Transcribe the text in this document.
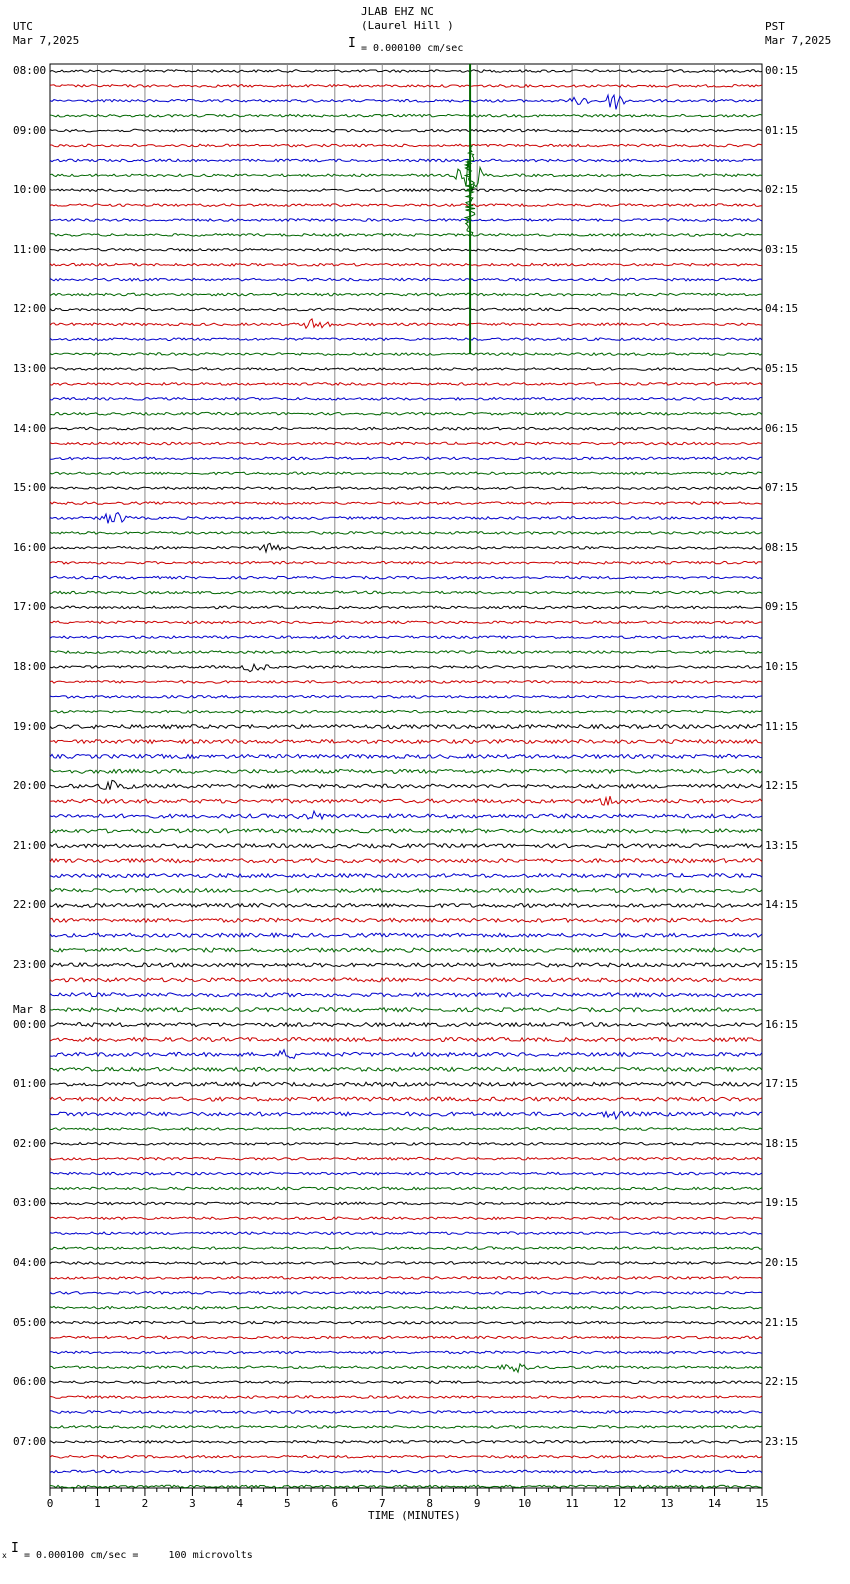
JLAB EHZ NC
(Laurel Hill )
UTC
Mar 7,2025
PST
Mar 7,2025
I = 0.000100 cm/sec
0	1	2	3	4	5	6	7	8	9	10	11	12	13	14	15
08:00
09:00
10:00
11:00
12:00
13:00
14:00
15:00
16:00
17:00
18:00
19:00
20:00
21:00
22:00
23:00
Mar 8
00:00
01:00
02:00
03:00
04:00
05:00
06:00
07:00
00:15
01:15
02:15
03:15
04:15
05:15
06:15
07:15
08:15
09:15
10:15
11:15
12:15
13:15
14:15
15:15
16:15
17:15
18:15
19:15
20:15
21:15
22:15
23:15
TIME (MINUTES)
x I = 0.000100 cm/sec =     100 microvolts
